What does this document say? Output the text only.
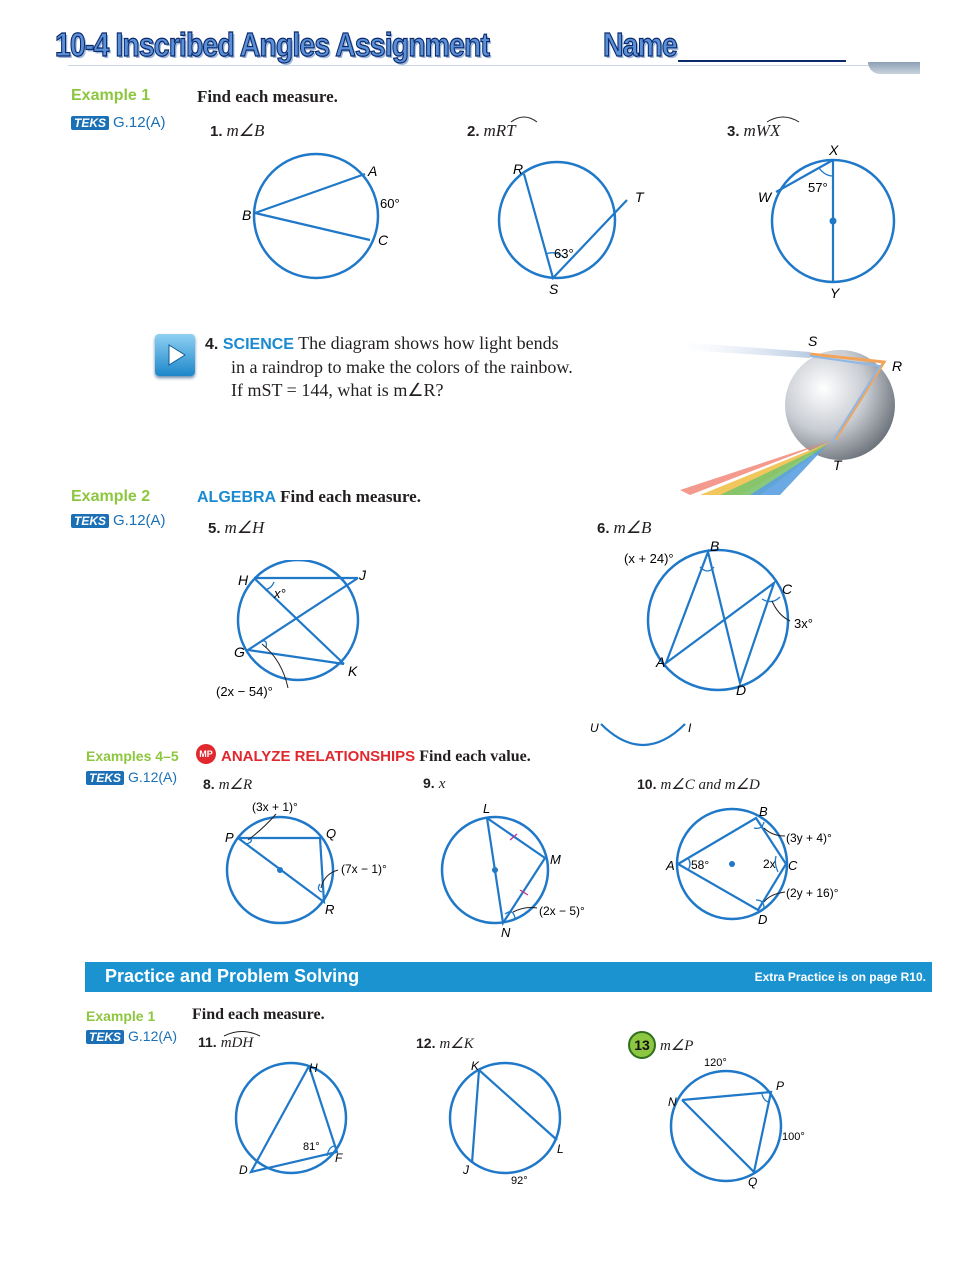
10-4 Inscribed Angles Assignment	Name
Example 1
TEKS G.12(A)
Find each measure.
1. m∠B	2. mRT	3. mWX
A
B
C
60°
R
T
S
63°
X
W
Y
57°
4. SCIENCE The diagram shows how light bends
in a raindrop to make the colors of the rainbow.
If mST = 144, what is m∠R?
S
R
T
Example 2
TEKS G.12(A)
ALGEBRA Find each measure.
5. m∠H	6. m∠B
H	J
G
K
x°
(2x − 54)°
B
C
A
D
(x + 24)°
3x°
U	I
Examples 4–5
TEKS G.12(A)
MP ANALYZE RELATIONSHIPS Find each value.
8. m∠R	9. x	10. m∠C and m∠D
P	Q
R
(3x + 1)°
(7x − 1)°
L
M
N
(2x − 5)°
A
B
C
D
58°
(3y + 4)°
2x
(2y + 16)°
Practice and Problem Solving	Extra Practice is on page R10.
Example 1
TEKS G.12(A)
Find each measure.
11. mDH	12. m∠K	13 m∠P
H
D
F
81°
K
J
L
92°
120°
N
P
100°
Q
